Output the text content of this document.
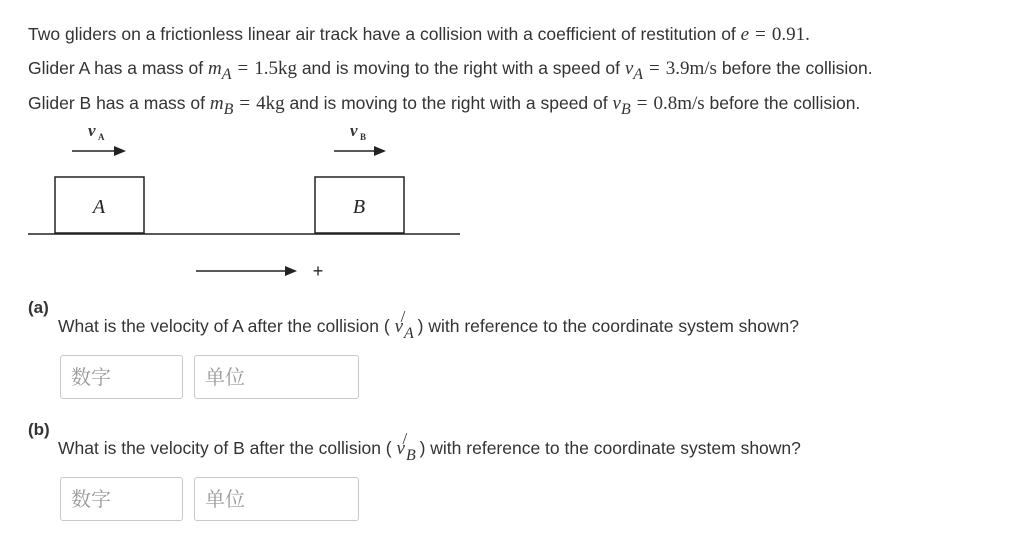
Two gliders on a frictionless linear air track have a collision with a coefficient of restitution of e = 0.91.
Glider A has a mass of mA = 1.5kg and is moving to the right with a speed of vA = 3.9m/s before the collision.
Glider B has a mass of mB = 4kg and is moving to the right with a speed of vB = 0.8m/s before the collision.
v A	v B
A	B
+
(a)
What is the velocity of A after the collision ( v
/
$_A$ ) with reference to the coordinate system shown?
数字	单位
(b)
What is the velocity of B after the collision ( v
/
$_B$ ) with reference to the coordinate system shown?
数字	单位
